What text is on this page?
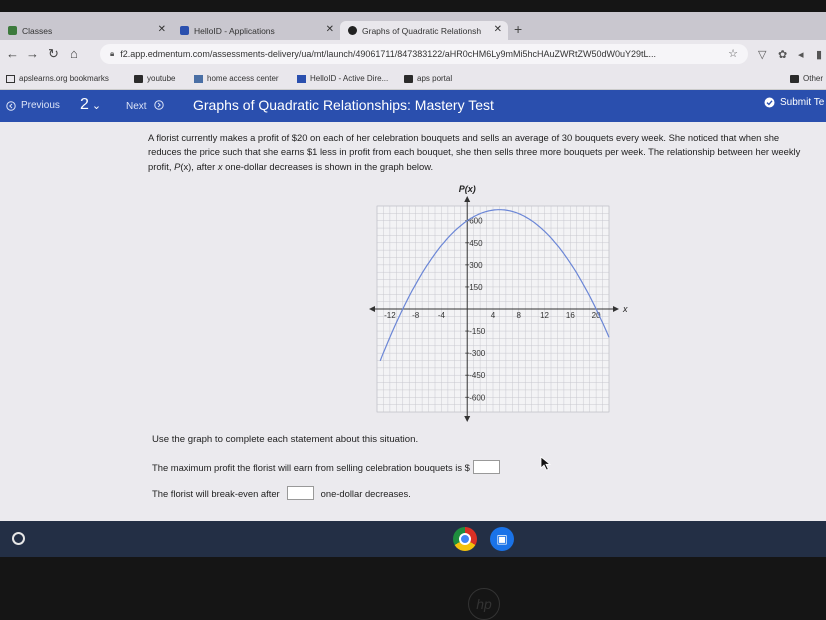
Classes	✕	HelloID - Applications	✕	Graphs of Quadratic Relationsh ✕ +
← → ↻ ⌂	🔒︎ f2.app.edmentum.com/assessments-delivery/ua/mt/launch/49061711/847383122/aHR0cHM6Ly9mMi5hcHAuZWRtZW50dW0uY29tL...	☆ ▽ ✿ ◂ ▮
apslearns.org bookmarks	youtube	home access center	HelloID - Active Dire...	aps portal	Other
Previous 2 ⌄ Next	Graphs of Quadratic Relationships: Mastery Test	Submit Te
A florist currently makes a profit of $20 on each of her celebration bouquets and sells an average of 30 bouquets every week. She noticed that when she reduces the price such that she earns $1 less in profit from each bouquet, she then sells three more bouquets per week. The relationship between her weekly profit, P(x), after x one-dollar decreases is shown in the graph below.
-12 -8 -4	4	8 12 16 20
600
450
300
150
-150
-300
-450
-600
P(x)
x
Use the graph to complete each statement about this situation.
The maximum profit the florist will earn from selling celebration bouquets is $
The florist will break-even after	one-dollar decreases.
▣
hp
